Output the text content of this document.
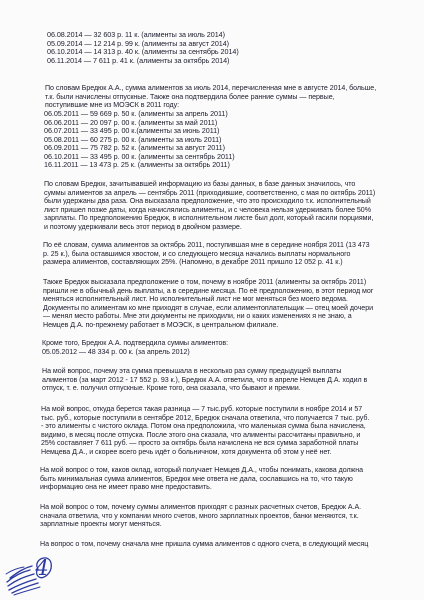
06.08.2014 — 32 603 р. 11 к. (алименты за июль 2014)
05.09.2014 — 12 214 р. 99 к. (алименты за август 2014)
06.10.2014 — 14 313 р. 40 к. (алименты за сентябрь 2014)
06.11.2014 — 7 611 р. 41 к. (алименты за октябрь 2014)
По словам Бредюк А.А., сумма алиментов за июль 2014, перечисленная мне в августе 2014, больше,
т.к. были начислены отпускные. Также она подтвердила более ранние суммы — первые,
поступившие мне из МОЭСК в 2011 году:
06.05.2011 — 59 669 р. 50 к. (алименты за апрель 2011)
06.06.2011 — 20 097 р. 00 к. (алименты за май 2011)
06.07.2011 — 33 495 р. 00 к.(алименты за июнь 2011)
05.08.2011 — 60 275 р. 00 к. (алименты за июль 2011)
06.09.2011 — 75 782 р. 52 к. (алименты за август 2011)
06.10.2011 — 33 495 р. 00 к. (алименты за сентябрь 2011)
16.11.2011 — 13 473 р. 25 к. (алименты за октябрь 2011)
По словам Бредюк, зачитывавшей информацию из базы данных, в базе данных значилось, что
суммы алиментов за апрель — сентябрь 2011 (приходившие, соответственно, с мая по октябрь 2011)
были удержаны два раза. Она высказала предположение, что это происходило т.к. исполнительный
лист пришел позже даты, когда начислялись алименты, и с человека нельзя удерживать более 50%
зарплаты. По предположению Бредюк, в исполнительном листе был долг, который гасили порциями,
и поэтому удерживали весь этот период в двойном размере.
По её словам, сумма алиментов за октябрь 2011, поступившая мне в середине ноября 2011 (13 473
р. 25 к.), была оставшимся хвостом, и со следующего месяца начались выплаты нормального
размера алиментов, составляющих 25%. (Напомню, в декабре 2011 пришло 12 052 р. 41 к.)
Также Бредюк высказала предположение о том, почему в ноябре 2011 (алименты за октябрь 2011)
пришли не в обычный день выплаты, а в середине месяца. По её предположению, в этот период мог
меняться исполнительный лист. Но исполнительный лист не мог меняться без моего ведома.
Документы по алиментам ко мне приходят в случае, если алиментоплательщик — отец моей дочери
— менял место работы. Мне эти документы не приходили, ни о каких изменениях я не знаю, а
Немцев Д.А. по-прежнему работает в МОЭСК, в центральном филиале.
Кроме того, Бредюк А.А. подтвердила суммы алиментов:
05.05.2012 — 48 334 р. 00 к. (за апрель 2012)
На мой вопрос, почему эта сумма превышала в несколько раз сумму предыдущей выплаты
алиментов (за март 2012 - 17 552 р. 93 к.), Бредюк А.А. ответила, что в апреле Немцев Д.А. ходил в
отпуск, т. е. получил отпускные. Кроме того, она сказала, что бывают и премии.
На мой вопрос, откуда берется такая разница — 7 тыс.руб. которые поступили в ноябре 2014 и 57
тыс. руб., которые поступили в сентябре 2012, Бредюк сначала ответила, что получается 7 тыс. руб.
- это алименты с чистого оклада. Потом она предположила, что маленькая сумма была начислена,
видимо, в месяц после отпуска. После этого она сказала, что алименты рассчитаны правильно, и
25% составляет 7 611 руб. — просто за октябрь была начислена не вся сумма заработной платы
Немцева Д.А., и скорее всего речь идёт о больничном, хотя документа об этом у неё нет.
На мой вопрос о том, каков оклад, который получает Немцев Д.А., чтобы понимать, какова должна
быть минимальная сумма алиментов, Бредюк мне ответа не дала, сославшись на то, что такую
информацию она не имеет право мне предоставить.
На мой вопрос о том, почему суммы алиментов приходят с разных расчетных счетов, Бредюк А.А.
сначала ответила, что у компании много счетов, много зарплатных проектов, банки меняются, т.к.
зарплатные проекты могут меняться.
На вопрос о том, почему сначала мне пришла сумма алиментов с одного счета, в следующий месяц
4
